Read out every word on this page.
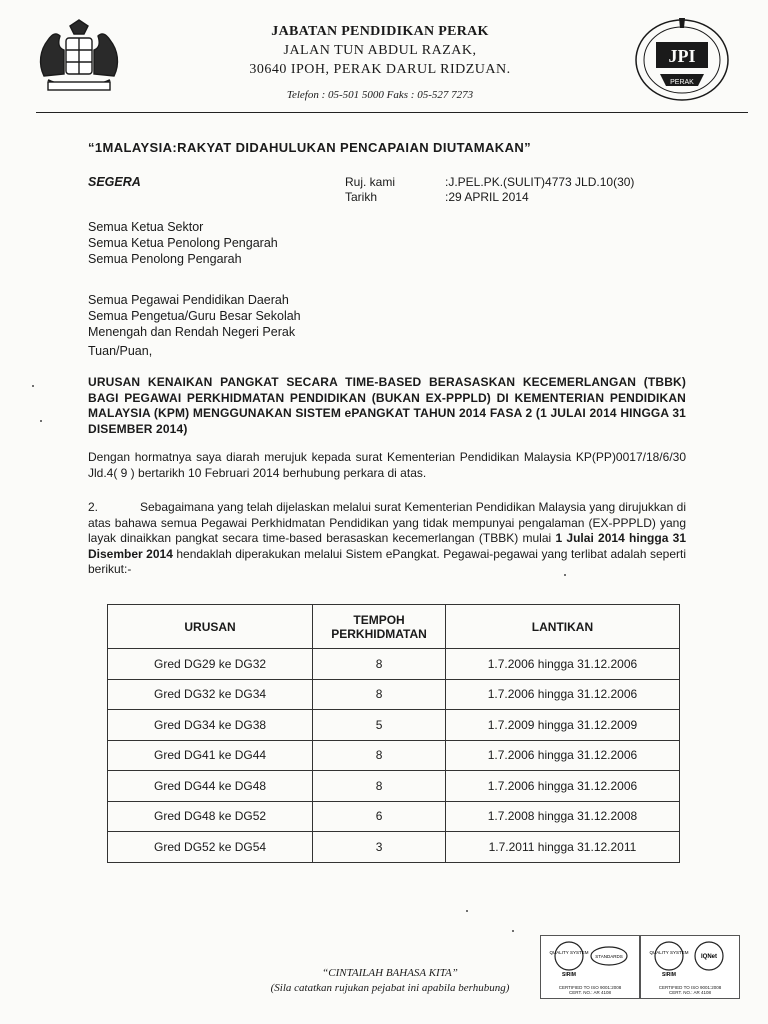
JABATAN PENDIDIKAN PERAK
JALAN TUN ABDUL RAZAK,
30640 IPOH, PERAK DARUL RIDZUAN.
Telefon : 05-501 5000 Faks : 05-527 7273
JPI
PERAK
“1MALAYSIA:RAKYAT DIDAHULUKAN PENCAPAIAN DIUTAMAKAN”
SEGERA	Ruj. kami	:J.PEL.PK.(SULIT)4773 JLD.10(30)
Tarikh	:29 APRIL 2014
Semua Ketua Sektor
Semua Ketua Penolong Pengarah
Semua Penolong Pengarah
Semua Pegawai Pendidikan Daerah
Semua Pengetua/Guru Besar Sekolah
Menengah dan Rendah Negeri Perak
Tuan/Puan,
URUSAN KENAIKAN PANGKAT SECARA TIME-BASED BERASASKAN KECEMERLANGAN (TBBK) BAGI PEGAWAI PERKHIDMATAN PENDIDIKAN (BUKAN EX-PPPLD) DI KEMENTERIAN PENDIDIKAN MALAYSIA (KPM) MENGGUNAKAN SISTEM ePANGKAT TAHUN 2014 FASA 2 (1 JULAI 2014 HINGGA 31 DISEMBER 2014)
Dengan hormatnya saya diarah merujuk kepada surat Kementerian Pendidikan Malaysia KP(PP)0017/18/6/30 Jld.4( 9 ) bertarikh 10 Februari 2014 berhubung perkara di atas.
2.	Sebagaimana yang telah dijelaskan melalui surat Kementerian Pendidikan Malaysia yang dirujukkan di atas bahawa semua Pegawai Perkhidmatan Pendidikan yang tidak mempunyai pengalaman (EX-PPPLD) yang layak dinaikkan pangkat secara time-based berasaskan kecemerlangan (TBBK) mulai 1 Julai 2014 hingga 31 Disember 2014 hendaklah diperakukan melalui Sistem ePangkat. Pegawai-pegawai yang terlibat adalah seperti berikut:-
URUSAN	TEMPOH PERKHIDMATAN	LANTIKAN
Gred DG29 ke DG32	8	1.7.2006 hingga 31.12.2006
Gred DG32 ke DG34	8	1.7.2006 hingga 31.12.2006
Gred DG34 ke DG38	5	1.7.2009 hingga 31.12.2009
Gred DG41 ke DG44	8	1.7.2006 hingga 31.12.2006
Gred DG44 ke DG48	8	1.7.2006 hingga 31.12.2006
Gred DG48 ke DG52	6	1.7.2008 hingga 31.12.2008
Gred DG52 ke DG54	3	1.7.2011 hingga 31.12.2011
“CINTAILAH BAHASA KITA”
(Sila catatkan rujukan pejabat ini apabila berhubung)
QUALITY SYSTEM
SIRIM
STANDARDS
CERTIFIED TO ISO 9001:2008
CERT. NO.: AR 4108
QUALITY SYSTEM
SIRIM
IQNet
CERTIFIED TO ISO 9001:2008
CERT. NO.: AR 4108
